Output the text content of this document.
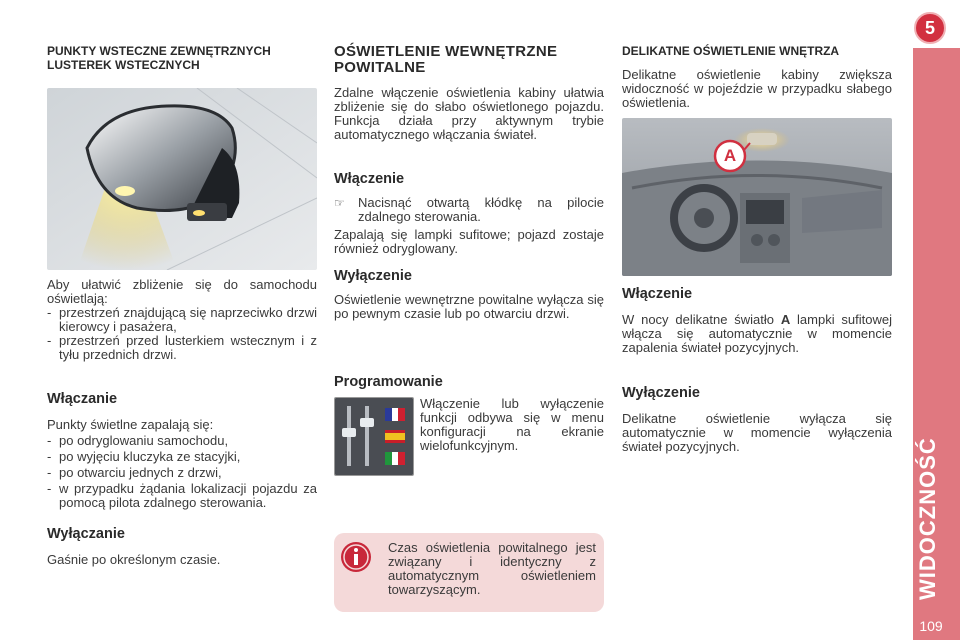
5
WIDOCZNOŚĆ
109
PUNKTY WSTECZNE ZEWNĘTRZNYCH LUSTEREK WSTECZNYCH

Aby ułatwić zbliżenie się do samochodu oświetlają:

- przestrzeń znajdującą się naprzeciwko drzwi kierowcy i pasażera,
- przestrzeń przed lusterkiem wstecznym i z tyłu przednich drzwi.
Włączanie

Punkty świetlne zapalają się:

- po odryglowaniu samochodu,
- po wyjęciu kluczyka ze stacyjki,
- po otwarciu jednych z drzwi,
- w przypadku żądania lokalizacji pojazdu za pomocą pilota zdalnego sterowania.
Wyłączanie

Gaśnie po określonym czasie.

OŚWIETLENIE WEWNĘTRZNE POWITALNE

Zdalne włączenie oświetlenia kabiny ułatwia zbliżenie się do słabo oświetlonego pojazdu. Funkcja działa przy aktywnym trybie automatycznego włączania świateł.

Włączenie
☞ Nacisnąć otwartą kłódkę na pilocie zdalnego sterowania.

Zapalają się lampki sufitowe; pojazd zostaje również odryglowany.

Wyłączenie

Oświetlenie wewnętrzne powitalne wyłącza się po pewnym czasie lub po otwarciu drzwi.

Programowanie

Włączenie lub wyłączenie funkcji odbywa się w menu konfiguracji na ekranie wielofunkcyjnym.

Czas oświetlenia powitalnego jest związany i identyczny z automatycznym oświetleniem towarzyszącym.
DELIKATNE OŚWIETLENIE WNĘTRZA

Delikatne oświetlenie kabiny zwiększa widoczność w pojeździe w przypadku słabego oświetlenia.

A
Włączenie

W nocy delikatne światło A lampki sufitowej włącza się automatycznie w momencie zapalenia świateł pozycyjnych.

Wyłączenie

Delikatne oświetlenie wyłącza się automatycznie w momencie wyłączenia świateł pozycyjnych.
